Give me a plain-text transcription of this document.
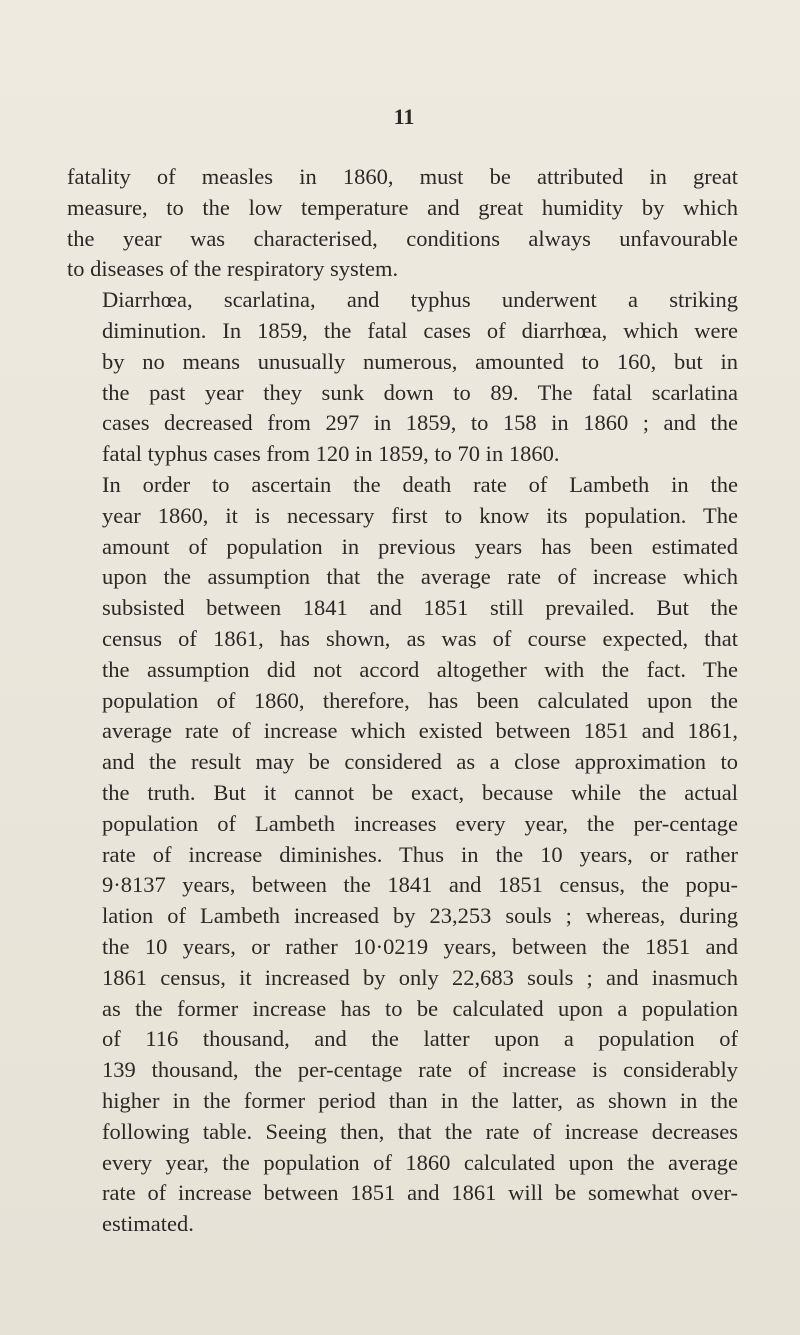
11

fatality of measles in 1860, must be attributed in great
measure, to the low temperature and great humidity by which
the year was characterised, conditions always unfavourable
to diseases of the respiratory system.

Diarrhœa, scarlatina, and typhus underwent a striking
diminution. In 1859, the fatal cases of diarrhœa, which were
by no means unusually numerous, amounted to 160, but in
the past year they sunk down to 89. The fatal scarlatina
cases decreased from 297 in 1859, to 158 in 1860 ; and the
fatal typhus cases from 120 in 1859, to 70 in 1860.

In order to ascertain the death rate of Lambeth in the
year 1860, it is necessary first to know its population. The
amount of population in previous years has been estimated
upon the assumption that the average rate of increase which
subsisted between 1841 and 1851 still prevailed. But the
census of 1861, has shown, as was of course expected, that
the assumption did not accord altogether with the fact. The
population of 1860, therefore, has been calculated upon the
average rate of increase which existed between 1851 and 1861,
and the result may be considered as a close approximation to
the truth. But it cannot be exact, because while the actual
population of Lambeth increases every year, the per-centage
rate of increase diminishes. Thus in the 10 years, or rather
9·8137 years, between the 1841 and 1851 census, the popu-
lation of Lambeth increased by 23,253 souls ; whereas, during
the 10 years, or rather 10·0219 years, between the 1851 and
1861 census, it increased by only 22,683 souls ; and inasmuch
as the former increase has to be calculated upon a population
of 116 thousand, and the latter upon a population of
139 thousand, the per-centage rate of increase is considerably
higher in the former period than in the latter, as shown in the
following table. Seeing then, that the rate of increase decreases
every year, the population of 1860 calculated upon the average
rate of increase between 1851 and 1861 will be somewhat over-
estimated.
